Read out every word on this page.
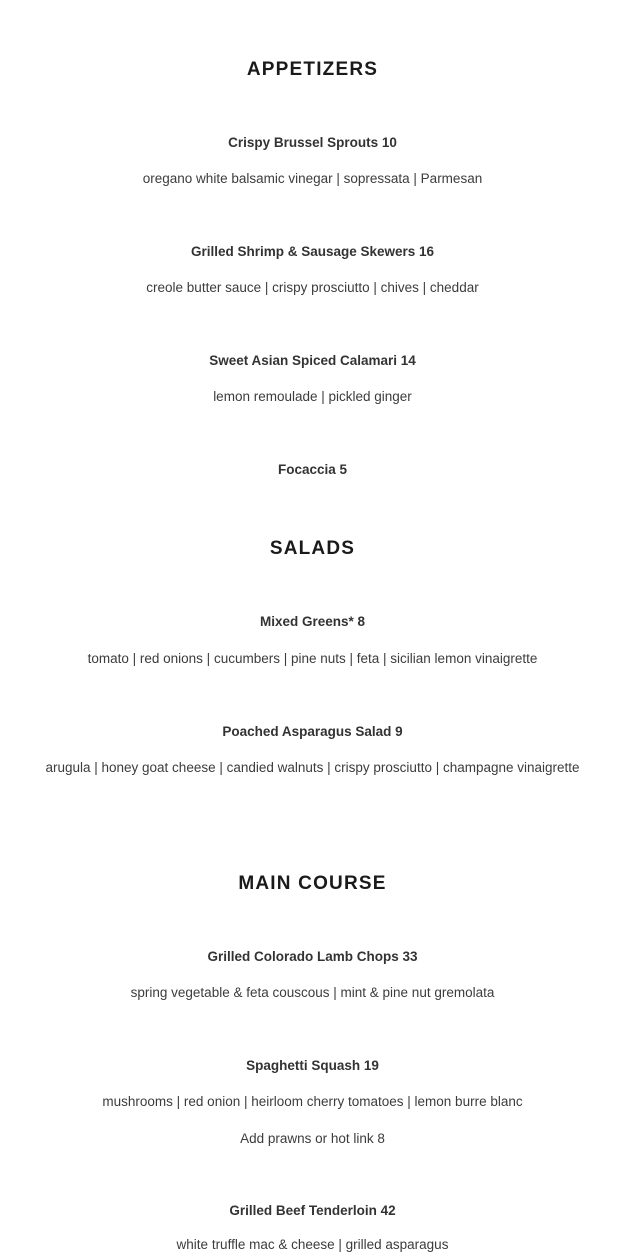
APPETIZERS
Crispy Brussel Sprouts 10
oregano white balsamic vinegar | sopressata | Parmesan
Grilled Shrimp & Sausage Skewers 16
creole butter sauce | crispy prosciutto | chives | cheddar
Sweet Asian Spiced Calamari 14
lemon remoulade | pickled ginger
Focaccia 5
SALADS
Mixed Greens* 8
tomato | red onions | cucumbers | pine nuts | feta | sicilian lemon vinaigrette
Poached Asparagus Salad 9
arugula | honey goat cheese | candied walnuts | crispy prosciutto | champagne vinaigrette
MAIN COURSE
Grilled Colorado Lamb Chops 33
spring vegetable & feta couscous | mint & pine nut gremolata
Spaghetti Squash 19
mushrooms | red onion | heirloom cherry tomatoes | lemon burre blanc
Add prawns or hot link 8
Grilled Beef Tenderloin 42
white truffle mac & cheese | grilled asparagus
